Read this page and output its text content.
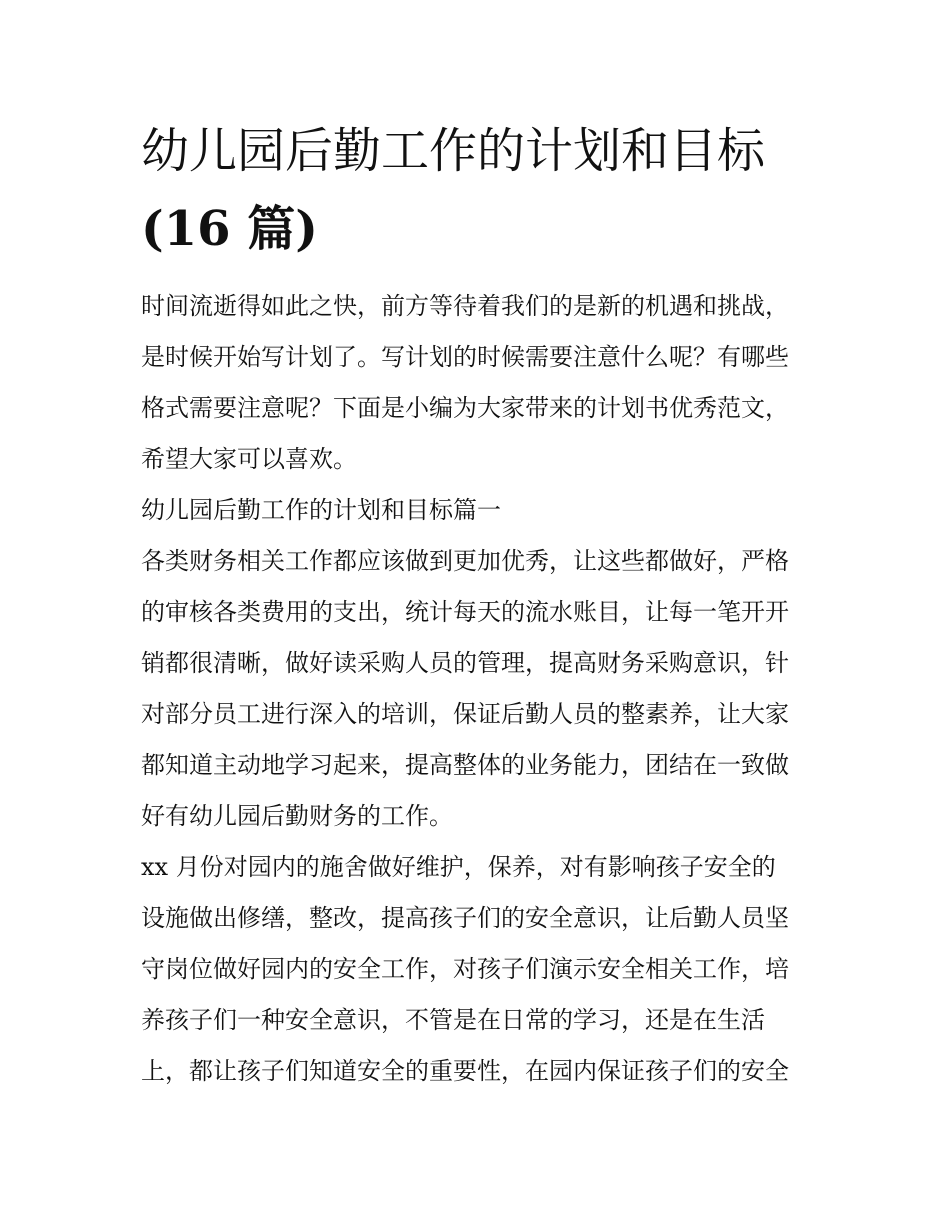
幼儿园后勤工作的计划和目标
(16 篇)

时间流逝得如此之快，前方等待着我们的是新的机遇和挑战，
是时候开始写计划了。写计划的时候需要注意什么呢？有哪些
格式需要注意呢？下面是小编为大家带来的计划书优秀范文，
希望大家可以喜欢。

幼儿园后勤工作的计划和目标篇一

各类财务相关工作都应该做到更加优秀，让这些都做好，严格
的审核各类费用的支出，统计每天的流水账目，让每一笔开开
销都很清晰，做好读采购人员的管理，提高财务采购意识，针
对部分员工进行深入的培训，保证后勤人员的整素养，让大家
都知道主动地学习起来，提高整体的业务能力，团结在一致做
好有幼儿园后勤财务的工作。

xx 月份对园内的施舍做好维护，保养，对有影响孩子安全的
设施做出修缮，整改，提高孩子们的安全意识，让后勤人员坚
守岗位做好园内的安全工作，对孩子们演示安全相关工作，培
养孩子们一种安全意识，不管是在日常的学习，还是在生活
上，都让孩子们知道安全的重要性，在园内保证孩子们的安全
